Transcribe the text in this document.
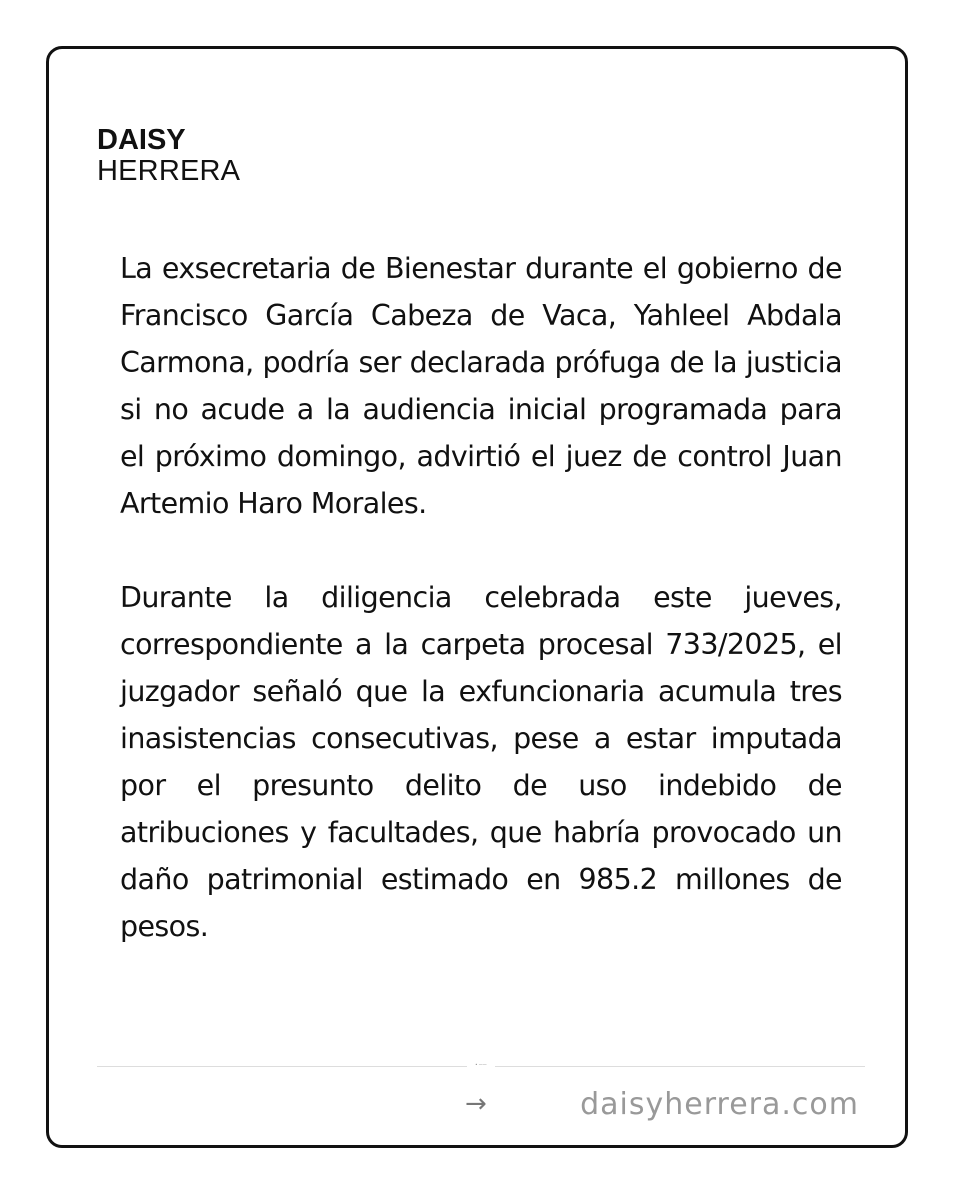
DAISY
HERRERA

La exsecretaria de Bienestar durante el gobierno de Francisco García Cabeza de Vaca, Yahleel Abdala Carmona, podría ser declarada prófuga de la justicia si no acude a la audiencia inicial programada para el próximo domingo, advirtió el juez de control Juan Artemio Haro Morales.

Durante la diligencia celebrada este jueves, correspondiente a la carpeta procesal 733/2025, el juzgador señaló que la exfuncionaria acumula tres inasistencias consecutivas, pese a estar imputada por el presunto delito de uso indebido de atribuciones y facultades, que habría provocado un daño patrimonial estimado en 985.2 millones de pesos.

• ——
→	daisyherrera.com
